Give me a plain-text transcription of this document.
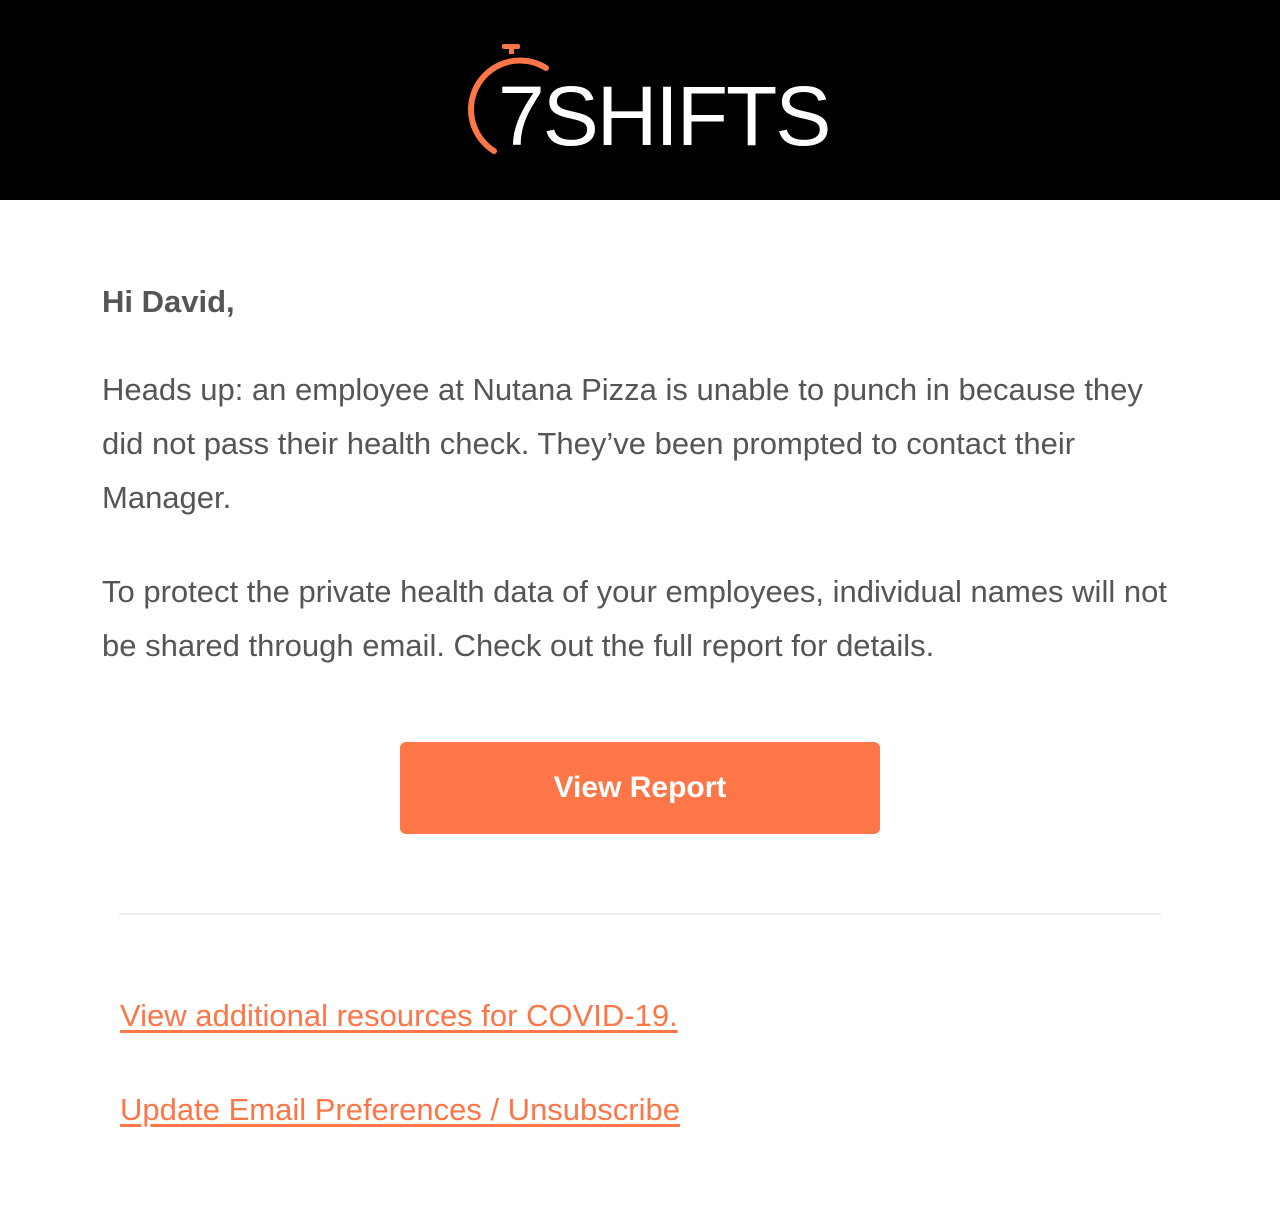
7SHIFTS
Hi David,
Heads up: an employee at Nutana Pizza is unable to punch in because they did not pass their health check. They’ve been prompted to contact their Manager.
To protect the private health data of your employees, individual names will not be shared through email. Check out the full report for details.
View Report
View additional resources for COVID-19.
Update Email Preferences / Unsubscribe
